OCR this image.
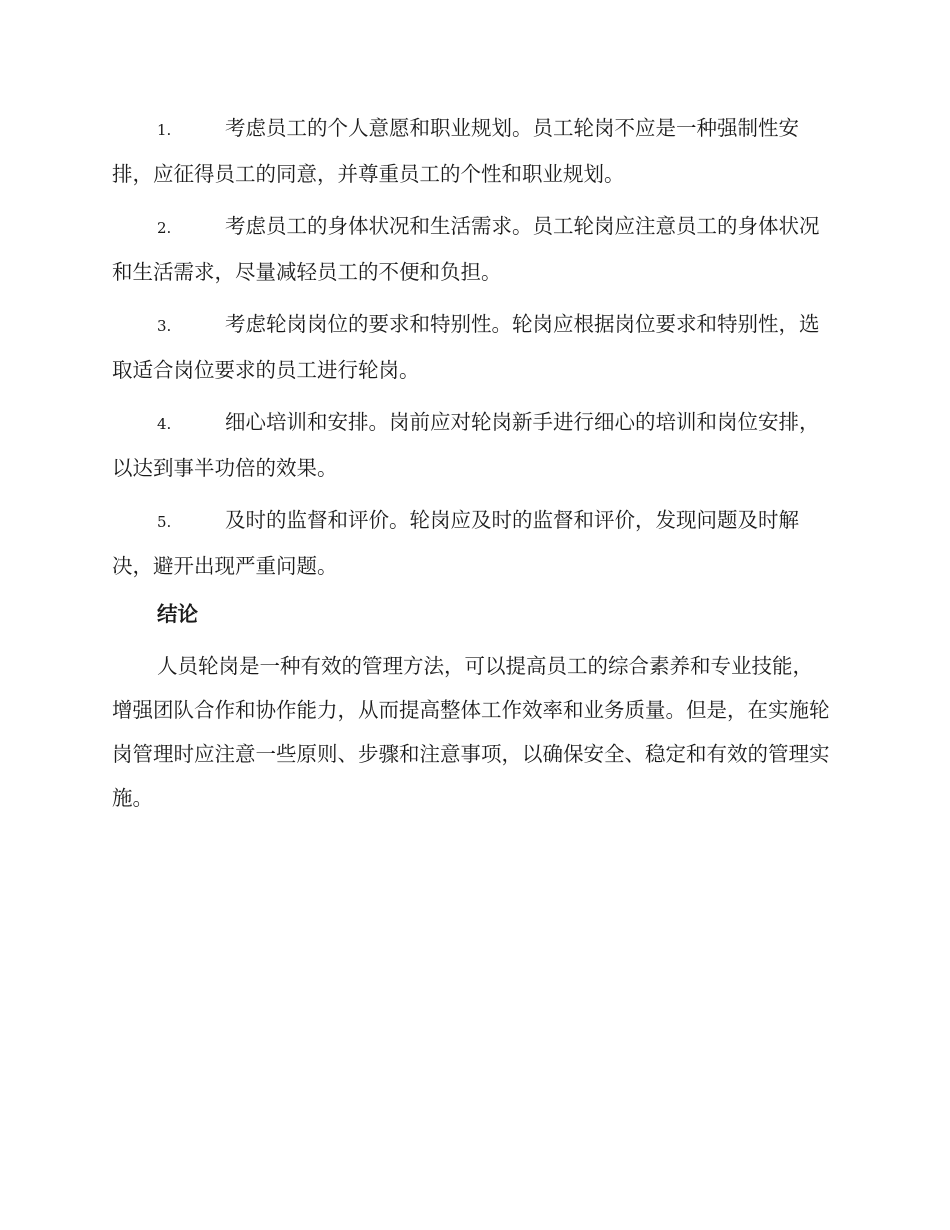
1.	考虑员工的个人意愿和职业规划。员工轮岗不应是一种强制性安排，应征得员工的同意，并尊重员工的个性和职业规划。

2.	考虑员工的身体状况和生活需求。员工轮岗应注意员工的身体状况和生活需求，尽量减轻员工的不便和负担。

3.	考虑轮岗岗位的要求和特别性。轮岗应根据岗位要求和特别性，选取适合岗位要求的员工进行轮岗。

4.	细心培训和安排。岗前应对轮岗新手进行细心的培训和岗位安排，以达到事半功倍的效果。

5.	及时的监督和评价。轮岗应及时的监督和评价，发现问题及时解决，避开出现严重问题。

结论

人员轮岗是一种有效的管理方法，可以提高员工的综合素养和专业技能，增强团队合作和协作能力，从而提高整体工作效率和业务质量。但是，在实施轮岗管理时应注意一些原则、步骤和注意事项，以确保安全、稳定和有效的管理实施。
